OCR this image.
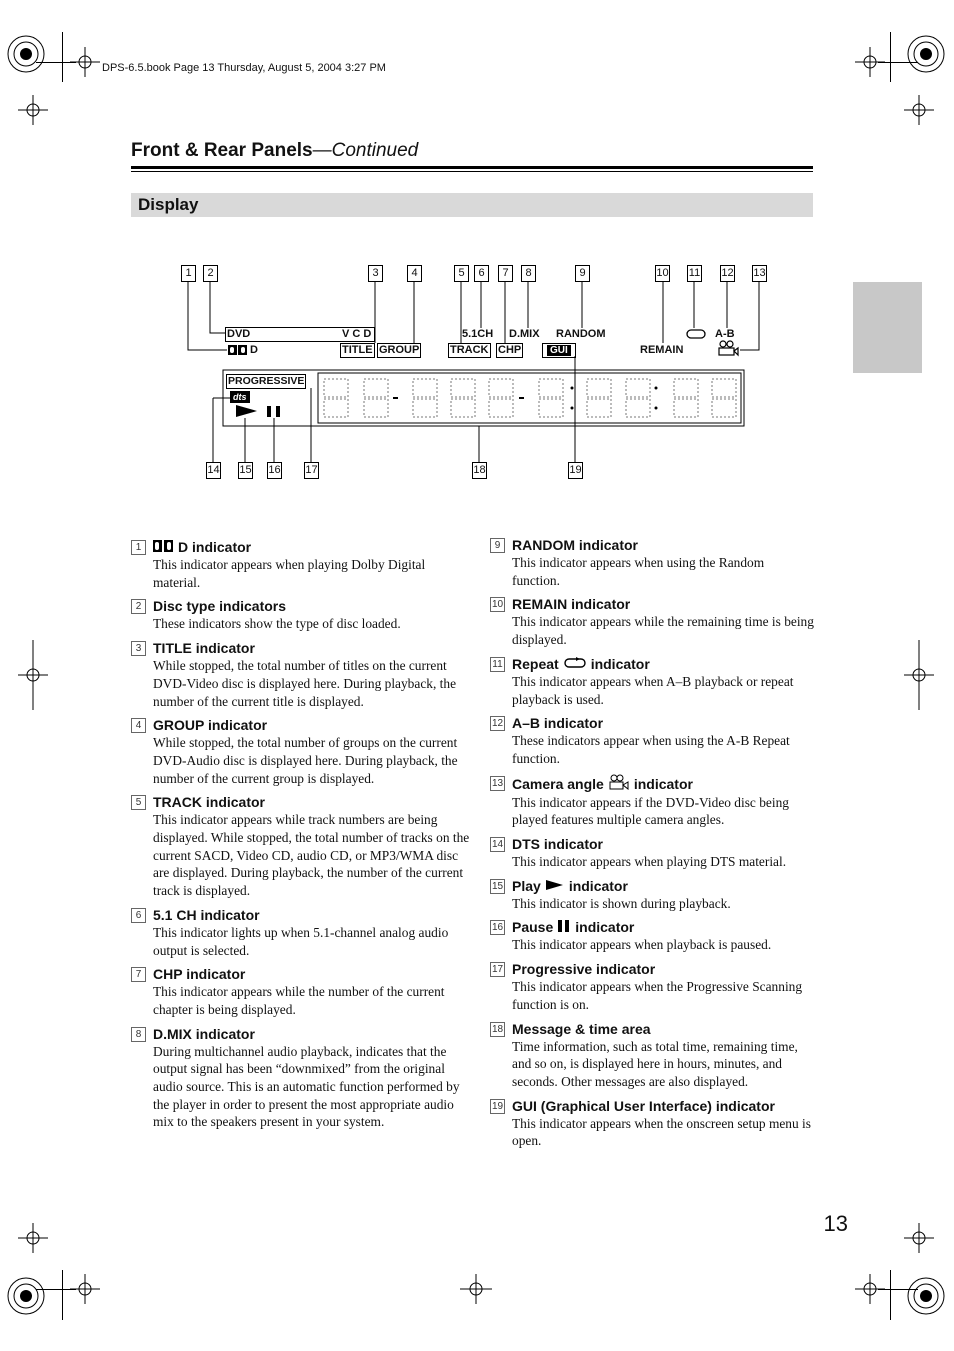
DPS-6.5.book Page 13 Thursday, August 5, 2004 3:27 PM
Front & Rear Panels—Continued
Display
1	2	3	4	5	6	7	8	9	10 11 12 13
14 15 16 17	18	19
DVD	V C D
D	TITLE GROUP
5.1CH D.MIX RANDOM
TRACK CHP	GUI	REMAIN
A-B
PROGRESSIVE
dts
1	D indicator
This indicator appears when playing Dolby Digital material.
2 Disc type indicators
These indicators show the type of disc loaded.
3 TITLE indicator
While stopped, the total number of titles on the current DVD-Video disc is displayed here. During playback, the number of the current title is displayed.
4 GROUP indicator
While stopped, the total number of groups on the current DVD-Audio disc is displayed here. During playback, the number of the current group is displayed.
5 TRACK indicator
This indicator appears while track numbers are being displayed. While stopped, the total number of tracks on the current SACD, Video CD, audio CD, or MP3/WMA disc are displayed. During playback, the number of the current track is displayed.
6 5.1 CH indicator
This indicator lights up when 5.1-channel analog audio output is selected.
7 CHP indicator
This indicator appears while the number of the current chapter is being displayed.
8 D.MIX indicator
During multichannel audio playback, indicates that the output signal has been “downmixed” from the original audio source. This is an automatic function performed by the player in order to present the most appropriate audio mix to the speakers present in your system.
9 RANDOM indicator
This indicator appears when using the Random function.
10 REMAIN indicator
This indicator appears while the remaining time is being displayed.
11 Repeat indicator
This indicator appears when A–B playback or repeat playback is used.
12 A–B indicator
These indicators appear when using the A-B Repeat function.
13 Camera angle indicator
This indicator appears if the DVD-Video disc being played features multiple camera angles.
14 DTS indicator
This indicator appears when playing DTS material.
15 Play indicator
This indicator is shown during playback.
16 Pause indicator
This indicator appears when playback is paused.
17 Progressive indicator
This indicator appears when the Progressive Scanning function is on.
18 Message & time area
Time information, such as total time, remaining time, and so on, is displayed here in hours, minutes, and seconds. Other messages are also displayed.
19 GUI (Graphical User Interface) indicator
This indicator appears when the onscreen setup menu is open.
13
